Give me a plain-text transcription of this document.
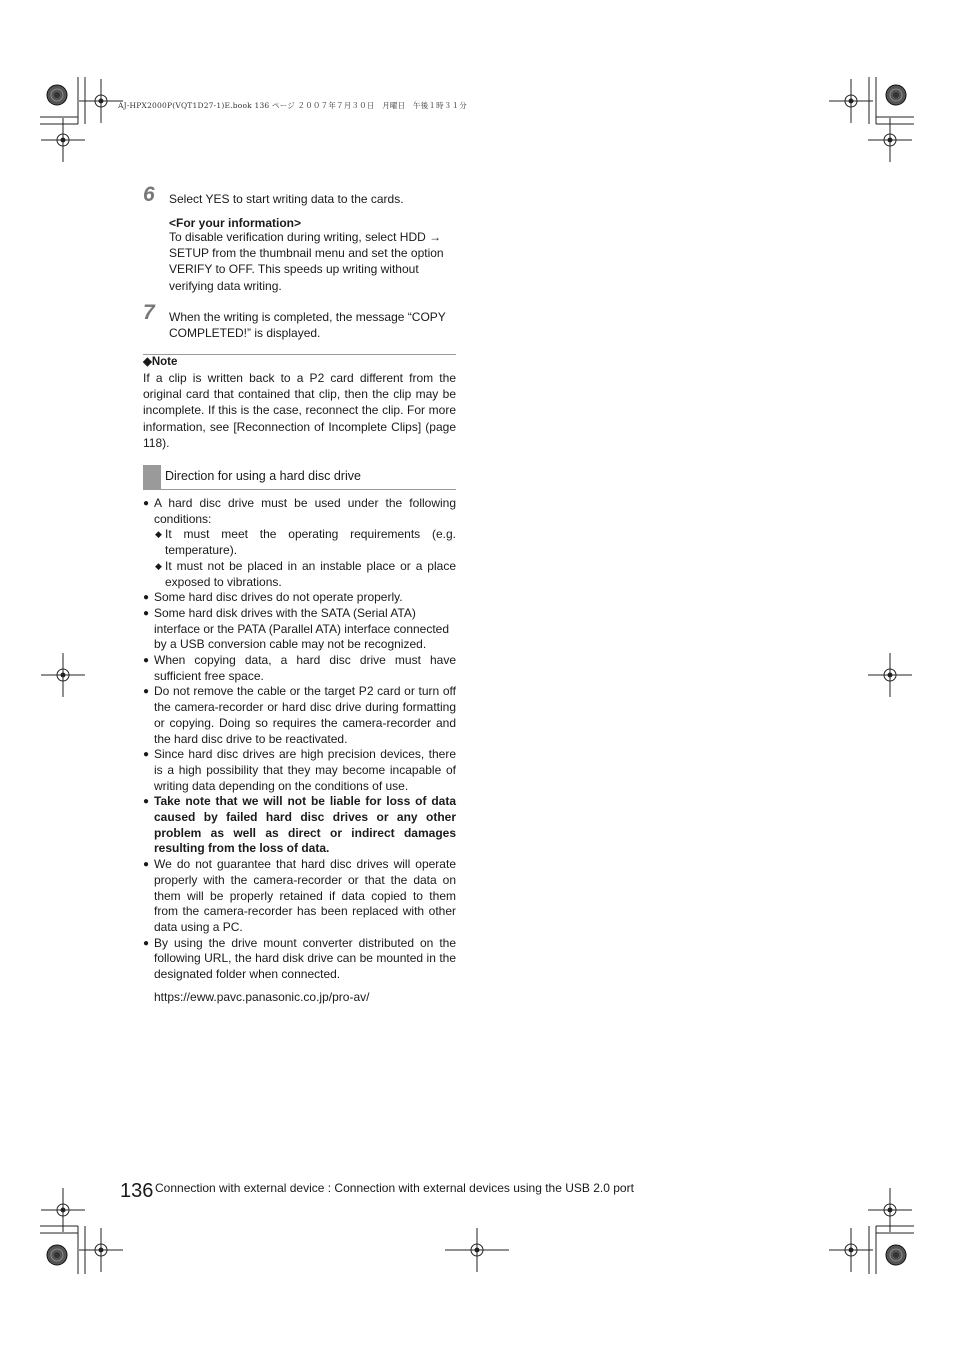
AJ-HPX2000P(VQT1D27-1)E.book 136 ページ ２００７年７月３０日　月曜日　午後１時３１分
6 Select YES to start writing data to the cards.
<For your information>
To disable verification during writing, select HDD →
SETUP from the thumbnail menu and set the option
VERIFY to OFF. This speeds up writing without
verifying data writing.
7 When the writing is completed, the message “COPY
COMPLETED!” is displayed.
◆Note
If a clip is written back to a P2 card different from the original card that contained that clip, then the clip may be incomplete. If this is the case, reconnect the clip. For more information, see [Reconnection of Incomplete Clips] (page 118).
Direction for using a hard disc drive
● A hard disc drive must be used under the following conditions:
◆ It must meet the operating requirements (e.g. temperature).
◆ It must not be placed in an instable place or a place exposed to vibrations.
● Some hard disc drives do not operate properly.
● Some hard disk drives with the SATA (Serial ATA) interface or the PATA (Parallel ATA) interface connected by a USB conversion cable may not be recognized.
● When copying data, a hard disc drive must have sufficient free space.
● Do not remove the cable or the target P2 card or turn off the camera-recorder or hard disc drive during formatting or copying. Doing so requires the camera-recorder and the hard disc drive to be reactivated.
● Since hard disc drives are high precision devices, there is a high possibility that they may become incapable of writing data depending on the conditions of use.
● Take note that we will not be liable for loss of data caused by failed hard disc drives or any other problem as well as direct or indirect damages resulting from the loss of data.
● We do not guarantee that hard disc drives will operate properly with the camera-recorder or that the data on them will be properly retained if data copied to them from the camera-recorder has been replaced with other data using a PC.
● By using the drive mount converter distributed on the following URL, the hard disk drive can be mounted in the designated folder when connected.
https://eww.pavc.panasonic.co.jp/pro-av/
136 Connection with external device : Connection with external devices using the USB 2.0 port
